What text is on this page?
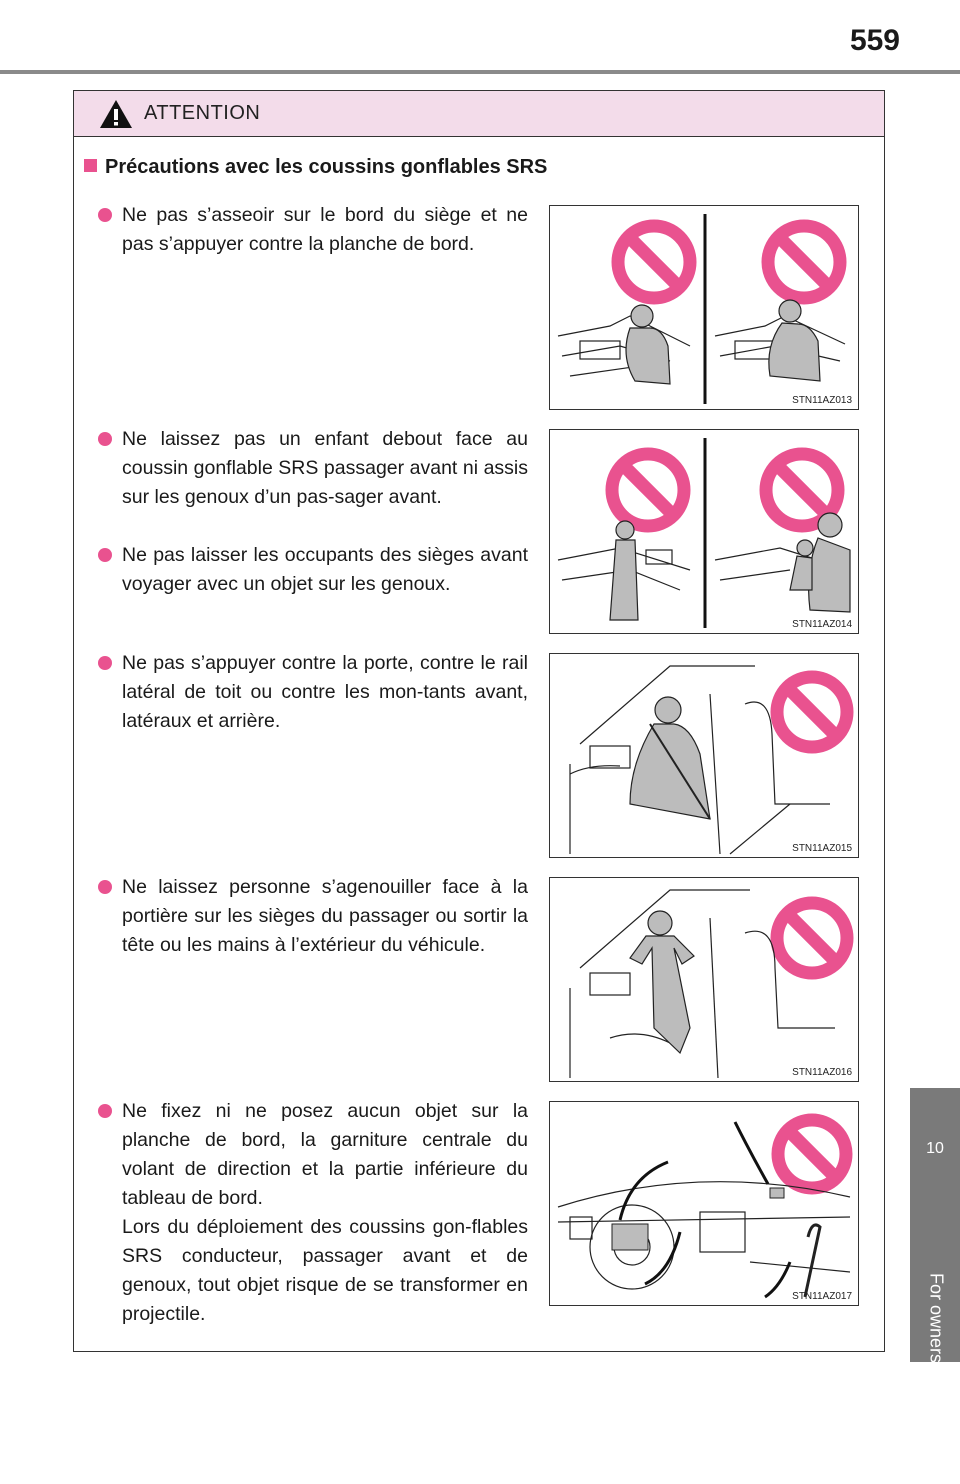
559
10
For owners
ATTENTION
Précautions avec les coussins gonflables SRS
Ne pas s’asseoir sur le bord du siège et ne pas s’appuyer contre la planche de bord.
Ne laissez pas un enfant debout face au coussin gonflable SRS passager avant ni assis sur les genoux d’un pas-sager avant.
Ne pas laisser les occupants des sièges avant voyager avec un objet sur les genoux.
Ne pas s’appuyer contre la porte, contre le rail latéral de toit ou contre les mon-tants avant, latéraux et arrière.
Ne laissez personne s’agenouiller face à la portière sur les sièges du passager ou sortir la tête ou les mains à l’extérieur du véhicule.
Ne fixez ni ne posez aucun objet sur la planche de bord, la garniture centrale du volant de direction et la partie inférieure du tableau de bord.
Lors du déploiement des coussins gon-flables SRS conducteur, passager avant et de genoux, tout objet risque de se transformer en projectile.
STN11AZ013
STN11AZ014
STN11AZ015
STN11AZ016
STN11AZ017
